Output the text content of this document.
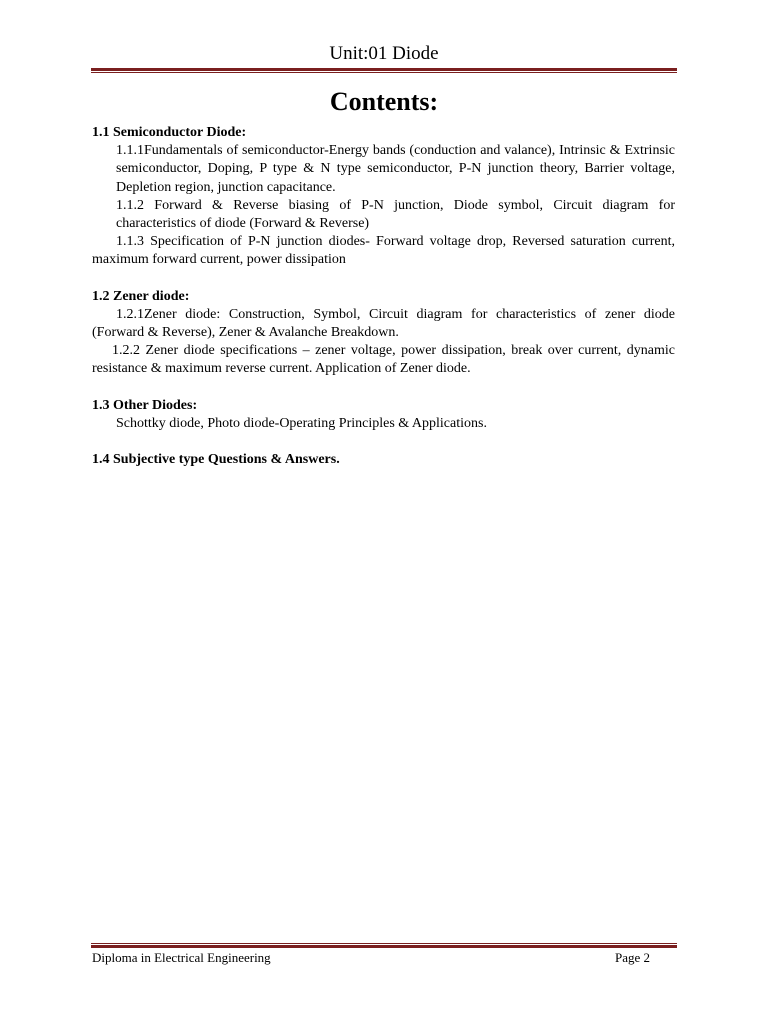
Unit:01 Diode
Contents:

1.1 Semiconductor Diode:

1.1.1Fundamentals of semiconductor-Energy bands (conduction and valance), Intrinsic & Extrinsic semiconductor, Doping, P type & N type semiconductor, P-N junction theory, Barrier voltage, Depletion region, junction capacitance.

1.1.2 Forward & Reverse biasing of P-N junction, Diode symbol, Circuit diagram for characteristics of diode (Forward & Reverse)

1.1.3 Specification of P-N junction diodes- Forward voltage drop, Reversed saturation current, maximum forward current, power dissipation

1.2 Zener diode:

1.2.1Zener diode: Construction, Symbol, Circuit diagram for characteristics of zener diode (Forward & Reverse), Zener & Avalanche Breakdown.

1.2.2 Zener diode specifications – zener voltage, power dissipation, break over current, dynamic resistance & maximum reverse current. Application of Zener diode.

1.3 Other Diodes:

Schottky diode, Photo diode-Operating Principles & Applications.

1.4 Subjective type Questions & Answers.

Diploma in Electrical Engineering	Page 2
